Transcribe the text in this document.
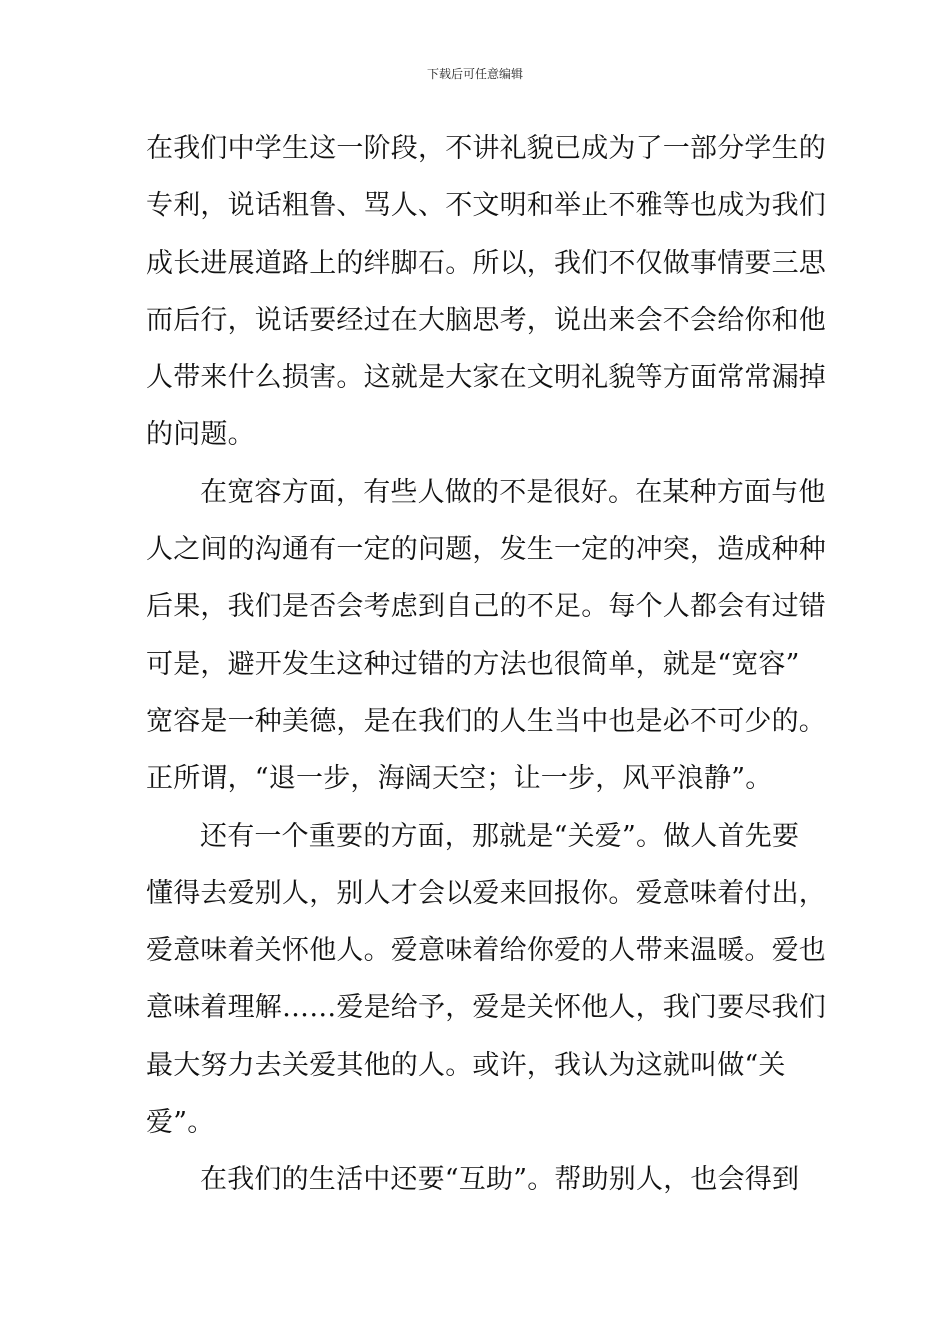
下载后可任意编辑
在我们中学生这一阶段，不讲礼貌已成为了一部分学生的
专利，说话粗鲁、骂人、不文明和举止不雅等也成为我们
成长进展道路上的绊脚石。所以，我们不仅做事情要三思
而后行，说话要经过在大脑思考，说出来会不会给你和他
人带来什么损害。这就是大家在文明礼貌等方面常常漏掉
的问题。
在宽容方面，有些人做的不是很好。在某种方面与他
人之间的沟通有一定的问题，发生一定的冲突，造成种种
后果，我们是否会考虑到自己的不足。每个人都会有过错
可是，避开发生这种过错的方法也很简单，就是“宽容”
宽容是一种美德，是在我们的人生当中也是必不可少的。
正所谓，“退一步，海阔天空；让一步，风平浪静”。
还有一个重要的方面，那就是“关爱”。做人首先要
懂得去爱别人，别人才会以爱来回报你。爱意味着付出，
爱意味着关怀他人。爱意味着给你爱的人带来温暖。爱也
意味着理解……爱是给予，爱是关怀他人，我门要尽我们
最大努力去关爱其他的人。或许，我认为这就叫做“关
爱”。
在我们的生活中还要“互助”。帮助别人，也会得到
